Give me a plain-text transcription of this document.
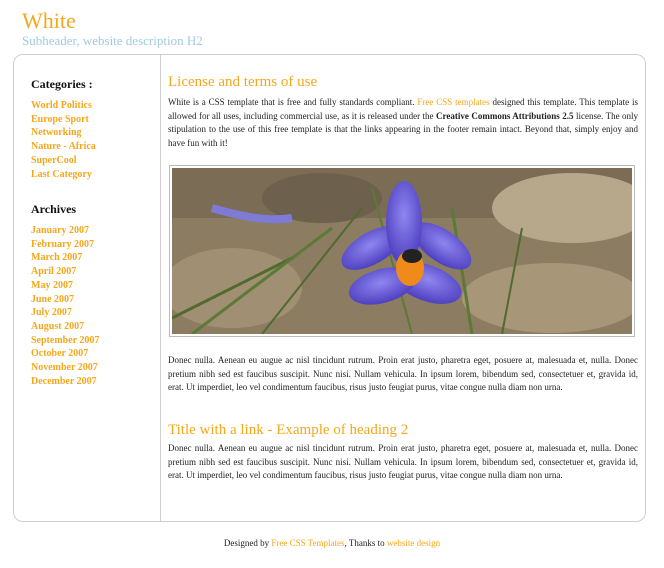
White
Subheader, website description H2
Categories :
World Politics
Europe Sport
Networking
Nature - Africa
SuperCool
Last Category
Archives
January 2007
February 2007
March 2007
April 2007
May 2007
June 2007
July 2007
August 2007
September 2007
October 2007
November 2007
December 2007
License and terms of use

White is a CSS template that is free and fully standards compliant. Free CSS templates designed this template. This template is allowed for all uses, including commercial use, as it is released under the Creative Commons Attributions 2.5 license. The only stipulation to the use of this free template is that the links appearing in the footer remain intact. Beyond that, simply enjoy and have fun with it!

Donec nulla. Aenean eu augue ac nisl tincidunt rutrum. Proin erat justo, pharetra eget, posuere at, malesuada et, nulla. Donec pretium nibh sed est faucibus suscipit. Nunc nisi. Nullam vehicula. In ipsum lorem, bibendum sed, consectetuer et, gravida id, erat. Ut imperdiet, leo vel condimentum faucibus, risus justo feugiat purus, vitae congue nulla diam non urna.

Title with a link - Example of heading 2

Donec nulla. Aenean eu augue ac nisl tincidunt rutrum. Proin erat justo, pharetra eget, posuere at, malesuada et, nulla. Donec pretium nibh sed est faucibus suscipit. Nunc nisi. Nullam vehicula. In ipsum lorem, bibendum sed, consectetuer et, gravida id, erat. Ut imperdiet, leo vel condimentum faucibus, risus justo feugiat purus, vitae congue nulla diam non urna.

Designed by Free CSS Templates, Thanks to website design
